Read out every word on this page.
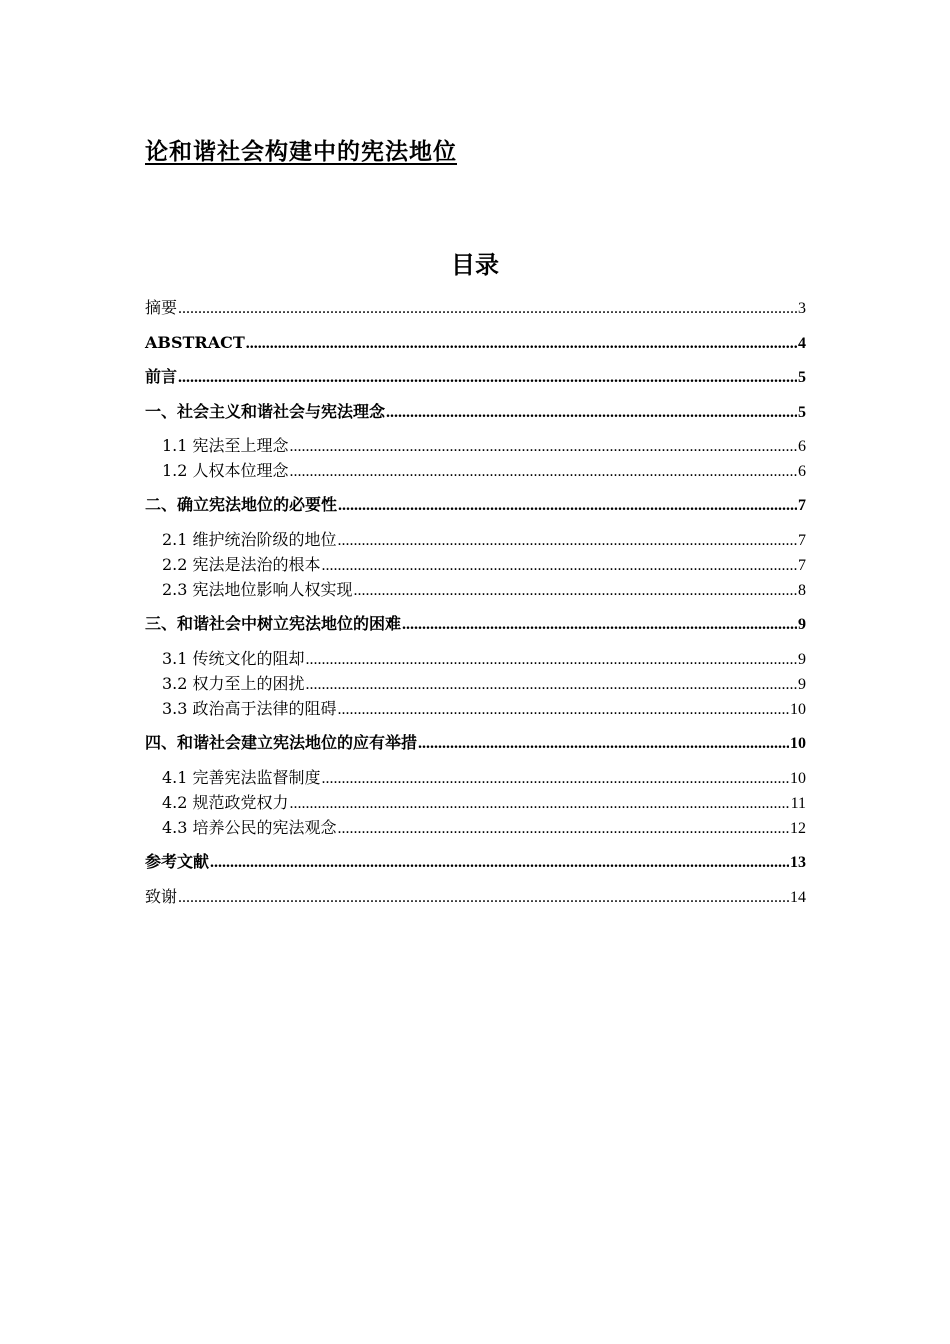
论和谐社会构建中的宪法地位
目录
摘要 .....	3
ABSTRACT .....	4
前言 .....	5
一、社会主义和谐社会与宪法理念 .....	5
1.1 宪法至上理念 .....	6
1.2 人权本位理念 .....	6
二、确立宪法地位的必要性 .....	7
2.1 维护统治阶级的地位 .....	7
2.2 宪法是法治的根本 .....	7
2.3 宪法地位影响人权实现 .....	8
三、和谐社会中树立宪法地位的困难 .....	9
3.1 传统文化的阻却 .....	9
3.2 权力至上的困扰 .....	9
3.3 政治高于法律的阻碍 .....	10
四、和谐社会建立宪法地位的应有举措 .....	10
4.1 完善宪法监督制度 .....	10
4.2 规范政党权力 .....	11
4.3 培养公民的宪法观念 .....	12
参考文献 .....	13
致谢 .....	14
